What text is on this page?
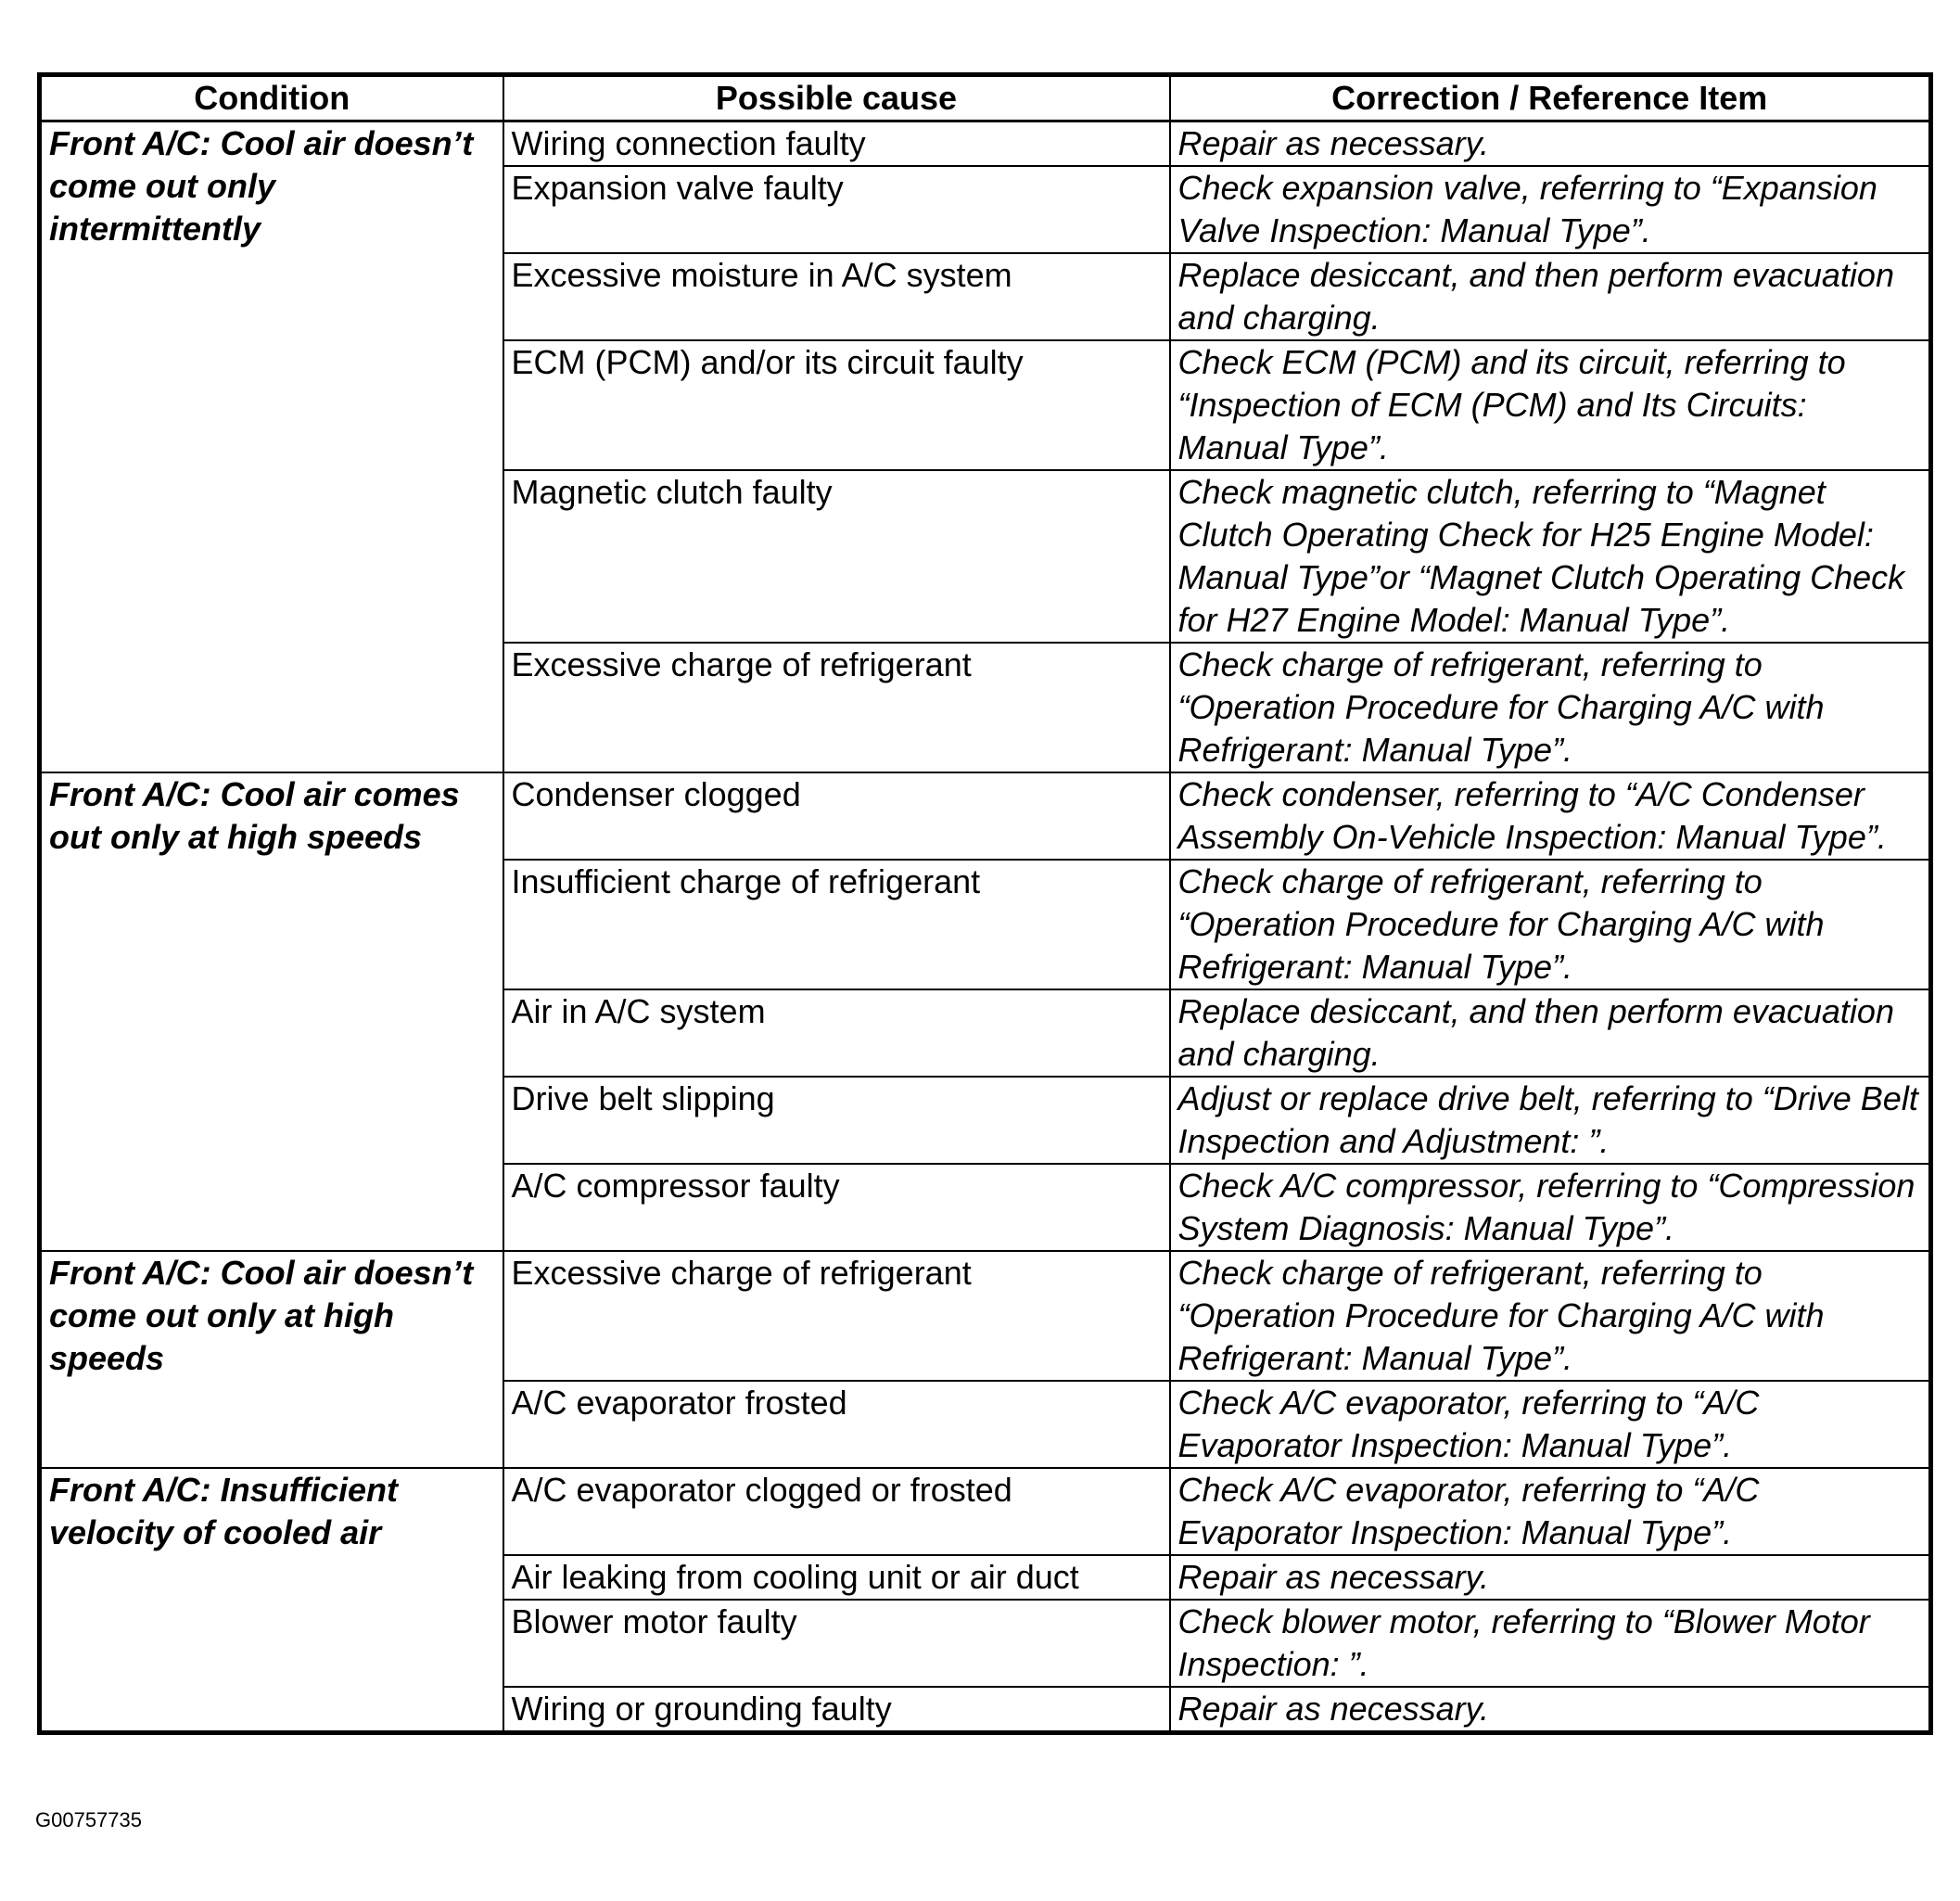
Condition	Possible cause	Correction / Reference Item
Front A/C: Cool air doesn’t come out only intermittently	Wiring connection faulty	Repair as necessary.
	Expansion valve faulty	Check expansion valve, referring to “Expansion Valve Inspection: Manual Type”.
	Excessive moisture in A/C system	Replace desiccant, and then perform evacuation and charging.
	ECM (PCM) and/or its circuit faulty	Check ECM (PCM) and its circuit, referring to “Inspection of ECM (PCM) and Its Circuits: Manual Type”.
	Magnetic clutch faulty	Check magnetic clutch, referring to “Magnet Clutch Operating Check for H25 Engine Model: Manual Type”or “Magnet Clutch Operating Check for H27 Engine Model: Manual Type”.
	Excessive charge of refrigerant	Check charge of refrigerant, referring to “Operation Procedure for Charging A/C with Refrigerant: Manual Type”.
Front A/C: Cool air comes out only at high speeds	Condenser clogged	Check condenser, referring to “A/C Condenser Assembly On-Vehicle Inspection: Manual Type”.
	Insufficient charge of refrigerant	Check charge of refrigerant, referring to “Operation Procedure for Charging A/C with Refrigerant: Manual Type”.
	Air in A/C system	Replace desiccant, and then perform evacuation and charging.
	Drive belt slipping	Adjust or replace drive belt, referring to “Drive Belt Inspection and Adjustment: ”.
	A/C compressor faulty	Check A/C compressor, referring to “Compression System Diagnosis: Manual Type”.
Front A/C: Cool air doesn’t come out only at high speeds	Excessive charge of refrigerant	Check charge of refrigerant, referring to “Operation Procedure for Charging A/C with Refrigerant: Manual Type”.
	A/C evaporator frosted	Check A/C evaporator, referring to “A/C Evaporator Inspection: Manual Type”.
Front A/C: Insufficient velocity of cooled air	A/C evaporator clogged or frosted	Check A/C evaporator, referring to “A/C Evaporator Inspection: Manual Type”.
	Air leaking from cooling unit or air duct	Repair as necessary.
	Blower motor faulty	Check blower motor, referring to “Blower Motor Inspection: ”.
	Wiring or grounding faulty	Repair as necessary.
G00757735
